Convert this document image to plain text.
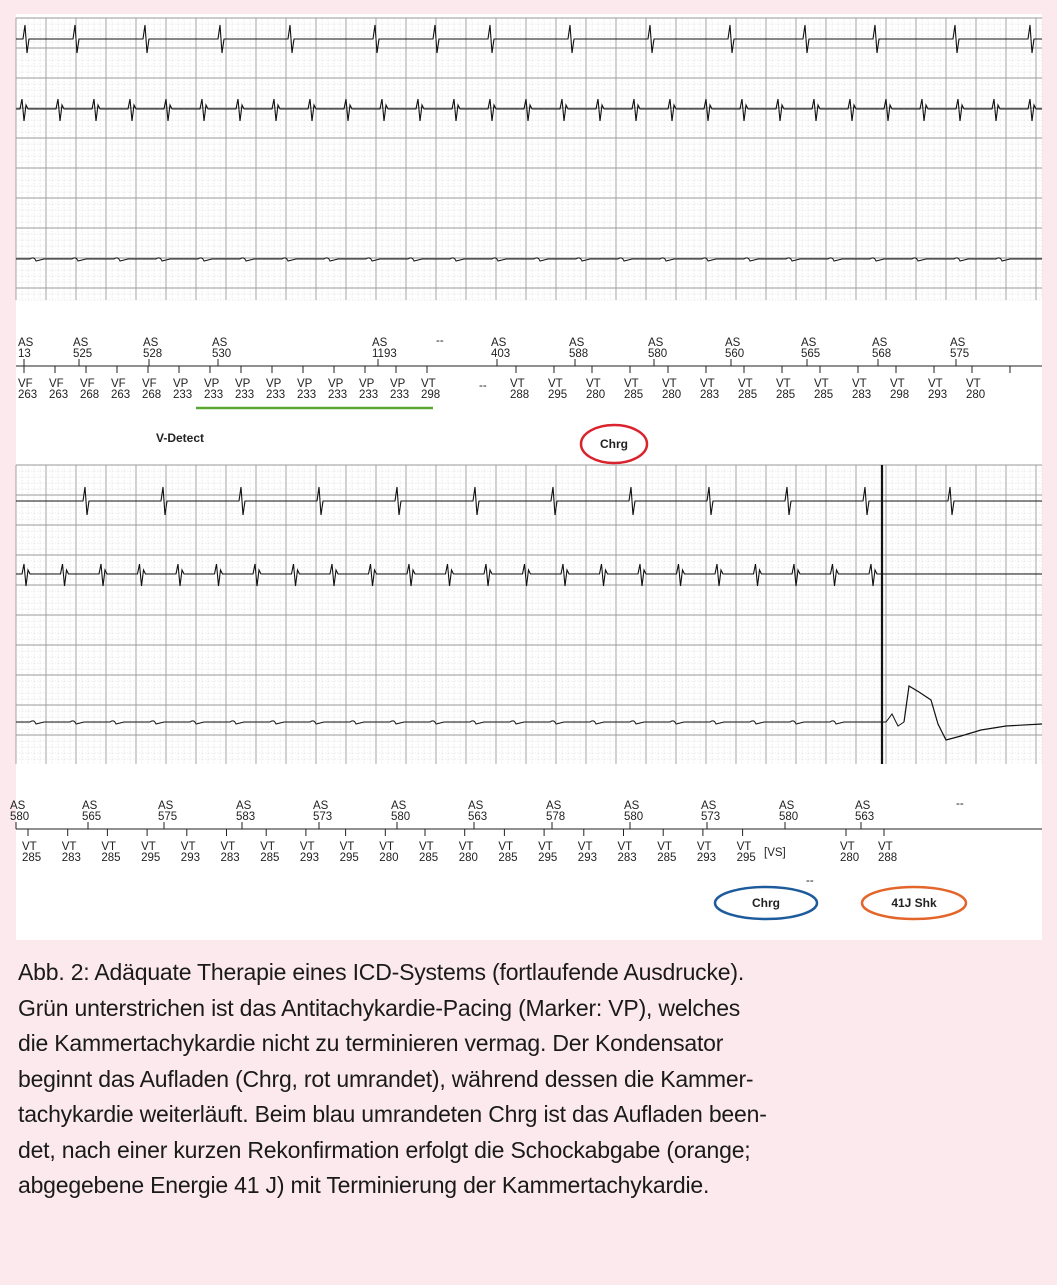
AS
13
AS
525
AS
528
AS
530
AS
1193
AS
403
AS
588
AS
580
AS
560
AS
565
AS
568
AS
575
VF
263
VF
263
VF
268
VF
263
VF
268
VP
233
VP
233
VP
233
VP
233
VP
233
VP
233
VP
233
VP
233
VT
298
VT
288
VT
295
VT
280
VT
285
VT
280
VT
283
VT
285
VT
285
VT
285
VT
283
VT
298
VT
293
VT
280
--
--
AS
580
AS
565
AS
575
AS
583
AS
573
AS
580
AS
563
AS
578
AS
580
AS
573
AS
580
AS
563
VT
285
VT
283
VT
285
VT
295
VT
293
VT
283
VT
285
VT
293
VT
295
VT
280
VT
285
VT
280
VT
285
VT
295
VT
293
VT
283
VT
285
VT
293
VT
295
VT
280
VT
288
--
--
[VS]
V-Detect	Chrg
Chrg	41J Shk
Abb. 2: Adäquate Therapie eines ICD-Systems (fortlaufende Ausdrucke).
Grün unterstrichen ist das Antitachykardie-Pacing (Marker: VP), welches
die Kammertachykardie nicht zu terminieren vermag. Der Kondensator
beginnt das Aufladen (Chrg, rot umrandet), während dessen die Kammer-
tachykardie weiterläuft. Beim blau umrandeten Chrg ist das Aufladen been-
det, nach einer kurzen Rekonfirmation erfolgt die Schockabgabe (orange;
abgegebene Energie 41 J) mit Terminierung der Kammertachykardie.
